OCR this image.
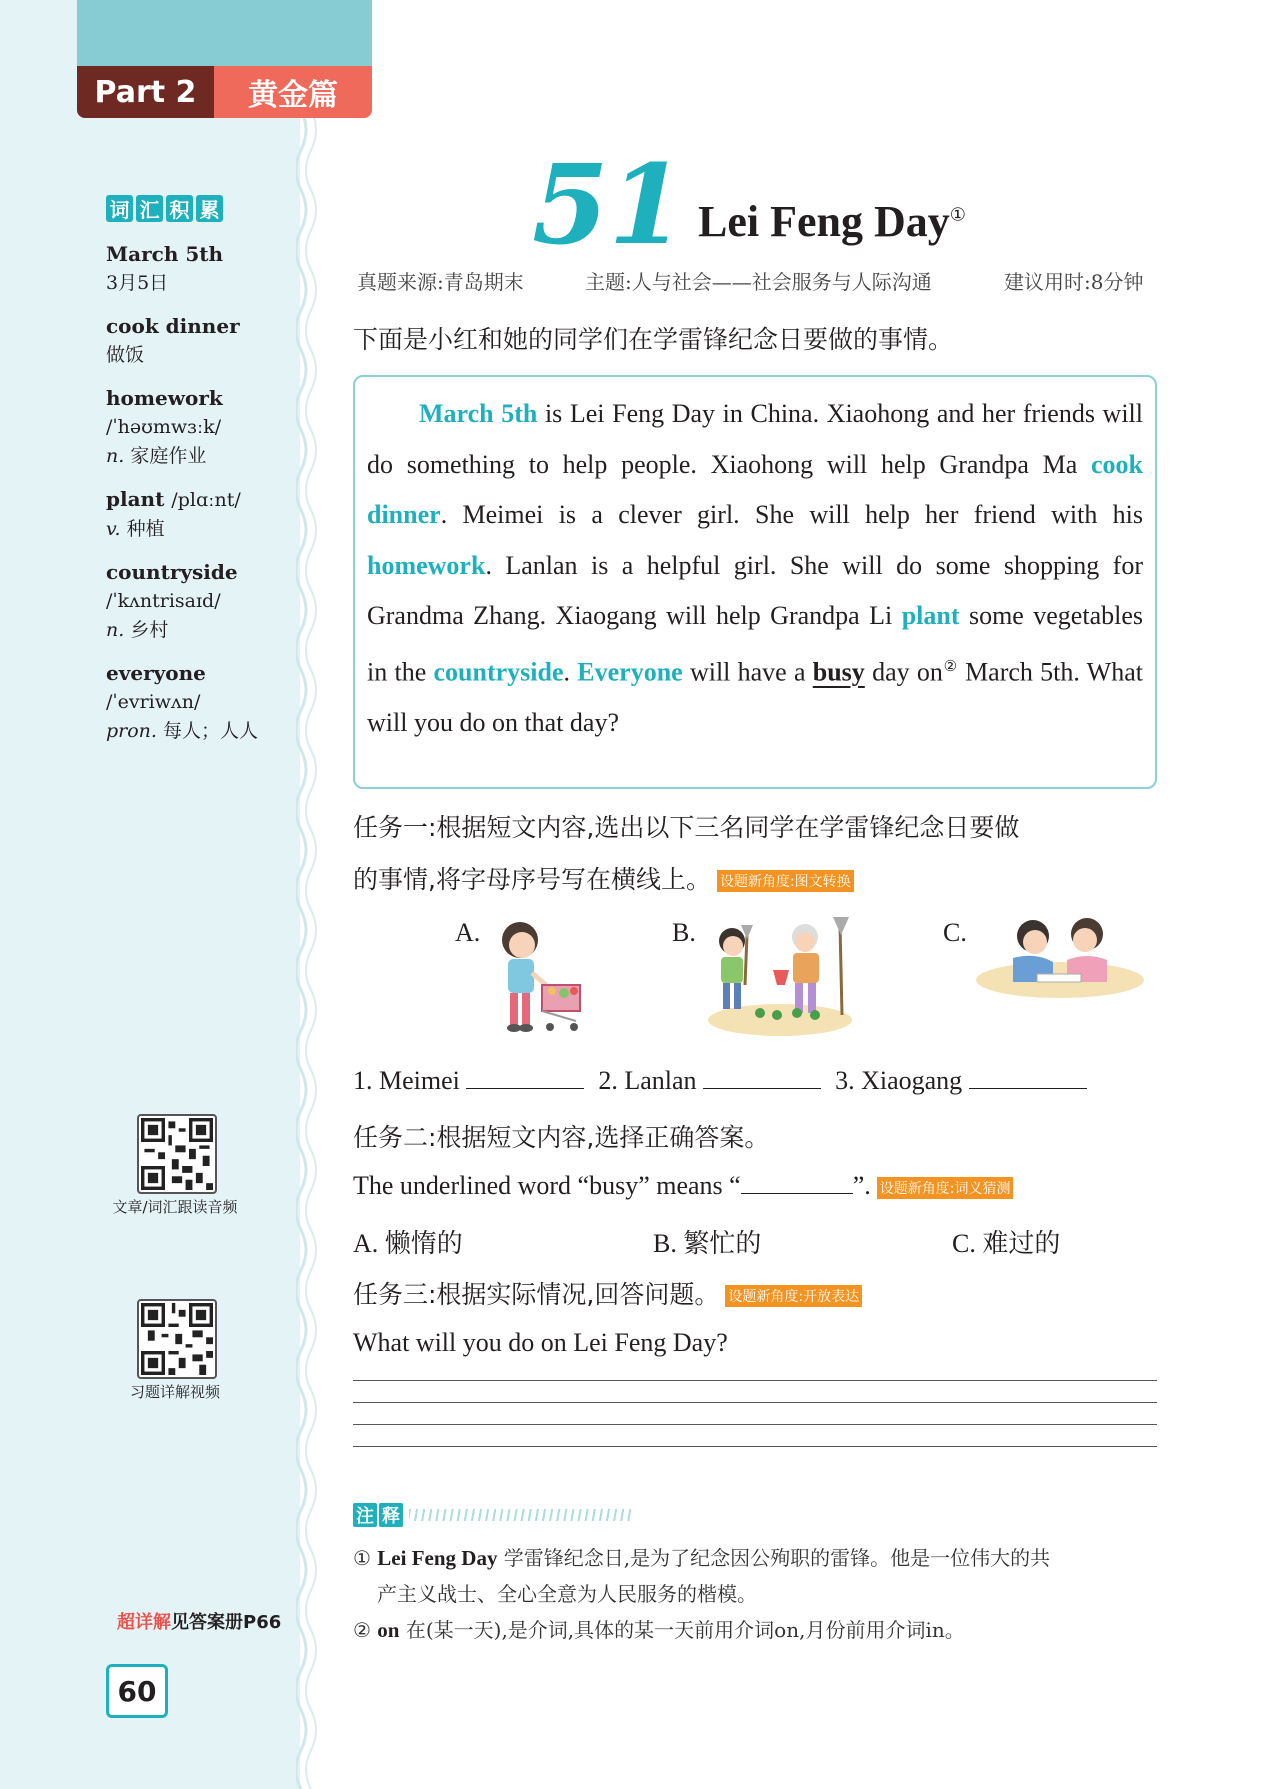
Part 2	黄金篇
词 汇 积 累
March 5th
3月5日
cook dinner
做饭
homework
/ˈhəʊmwɜːk/
n. 家庭作业
plant /plɑːnt/
v. 种植
countryside
/ˈkʌntrisaɪd/
n. 乡村
everyone
/ˈevriwʌn/
pron. 每人；人人
文章/词汇跟读音频
习题详解视频
超详解见答案册P66
60
51 Lei Feng Day①
真题来源:青岛期末	主题:人与社会——社会服务与人际沟通	建议用时:8分钟
下面是小红和她的同学们在学雷锋纪念日要做的事情。

March 5th is Lei Feng Day in China. Xiaohong and her friends will do something to help people. Xiaohong will help Grandpa Ma cook dinner. Meimei is a clever girl. She will help her friend with his homework. Lanlan is a helpful girl. She will do some shopping for Grandma Zhang. Xiaogang will help Grandpa Li plant some vegetables in the countryside. Everyone will have a busy day on② March 5th. What will you do on that day?

任务一:根据短文内容,选出以下三名同学在学雷锋纪念日要做
的事情,将字母序号写在横线上。 设题新角度:图文转换
A.	B.	C.
1. Meimei	2. Lanlan	3. Xiaogang
任务二:根据短文内容,选择正确答案。
The underlined word “busy” means “	”. 设题新角度:词义猜测
A. 懒惰的	B. 繁忙的	C. 难过的
任务三:根据实际情况,回答问题。 设题新角度:开放表达
What will you do on Lei Feng Day?
注 释
① Lei Feng Day 学雷锋纪念日,是为了纪念因公殉职的雷锋。他是一位伟大的共
产主义战士、全心全意为人民服务的楷模。
② on 在(某一天),是介词,具体的某一天前用介词on,月份前用介词in。
